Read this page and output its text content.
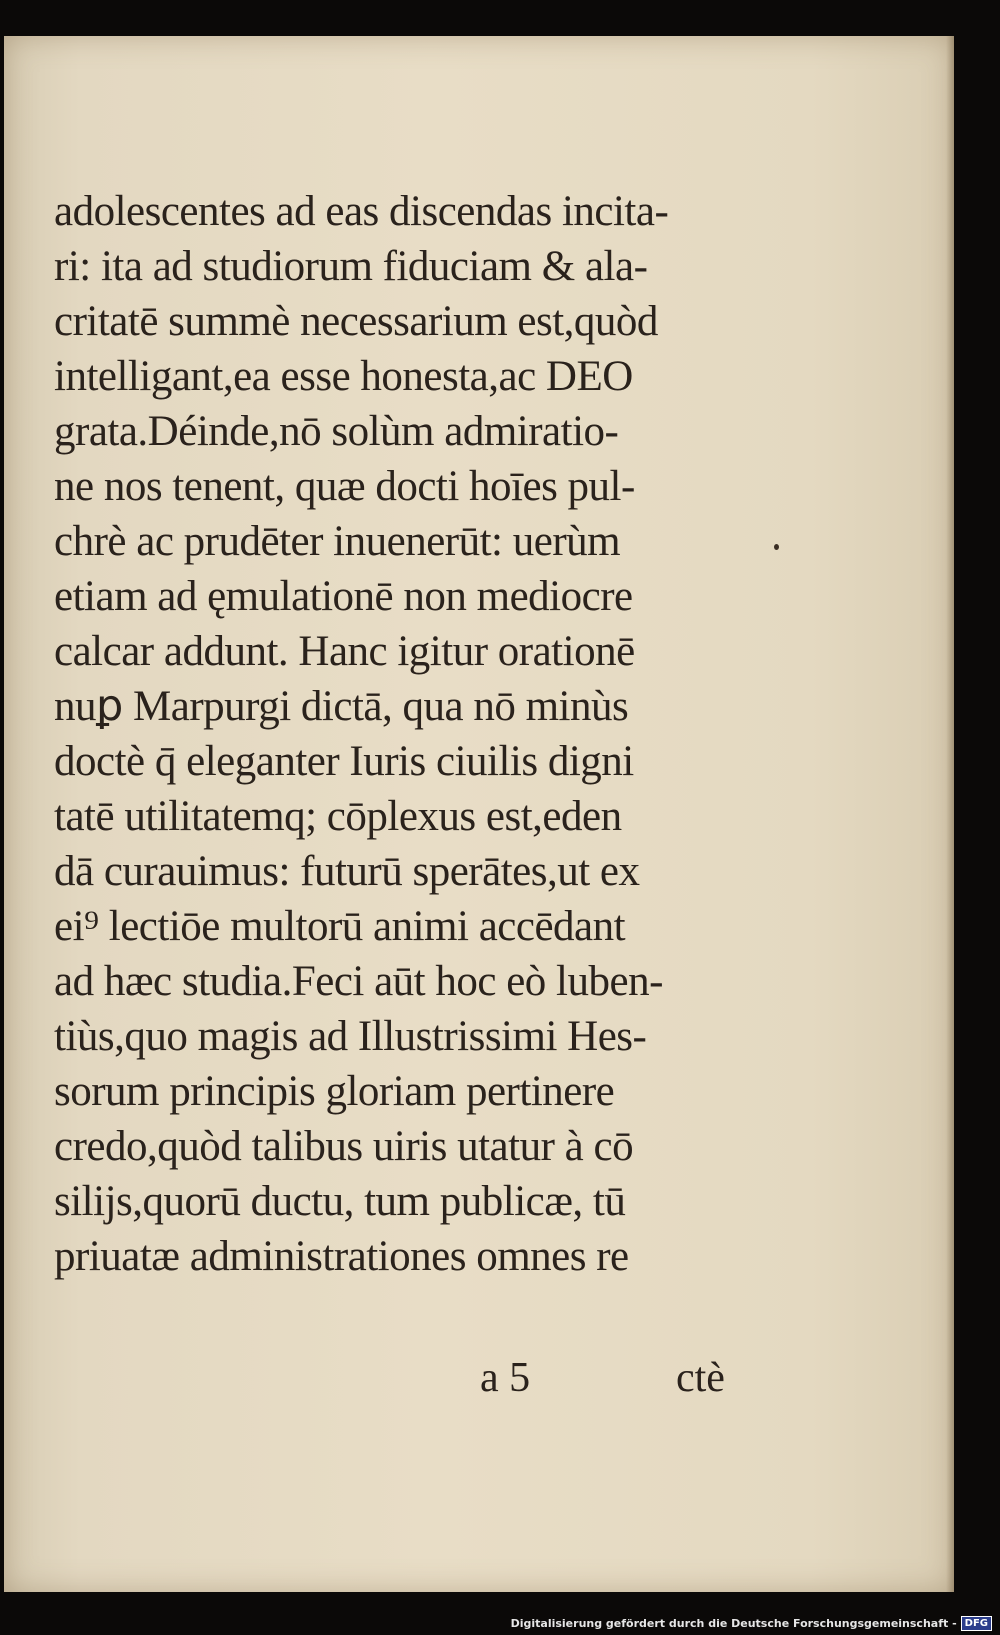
adolescentes ad eas discendas incita-
ri: ita ad studiorum fiduciam & ala-
critatē summè necessarium est,quòd
intelligant,ea esse honesta,ac DEO
grata.Déinde,nō solùm admiratio-
ne nos tenent, quæ docti hoīes pul-
chrè ac prudēter inuenerūt: uerùm
etiam ad ęmulationē non mediocre
calcar addunt. Hanc igitur orationē
nuꝑ Marpurgi dictā, qua nō minùs
doctè q̄ eleganter Iuris ciuilis digni
tatē utilitatemq; cōplexus est,eden
dā curauimus: futurū sperātes,ut ex
ei⁹ lectiōe multorū animi accēdant
ad hæc studia.Feci aūt hoc eò luben-
tiùs,quo magis ad Illustrissimi Hes-
sorum principis gloriam pertinere
credo,quòd talibus uiris utatur à cō
silijs,quorū ductu, tum publicæ, tū
priuatæ administrationes omnes re
a 5	ctè
Digitalisierung gefördert durch die Deutsche Forschungsgemeinschaft - DFG
